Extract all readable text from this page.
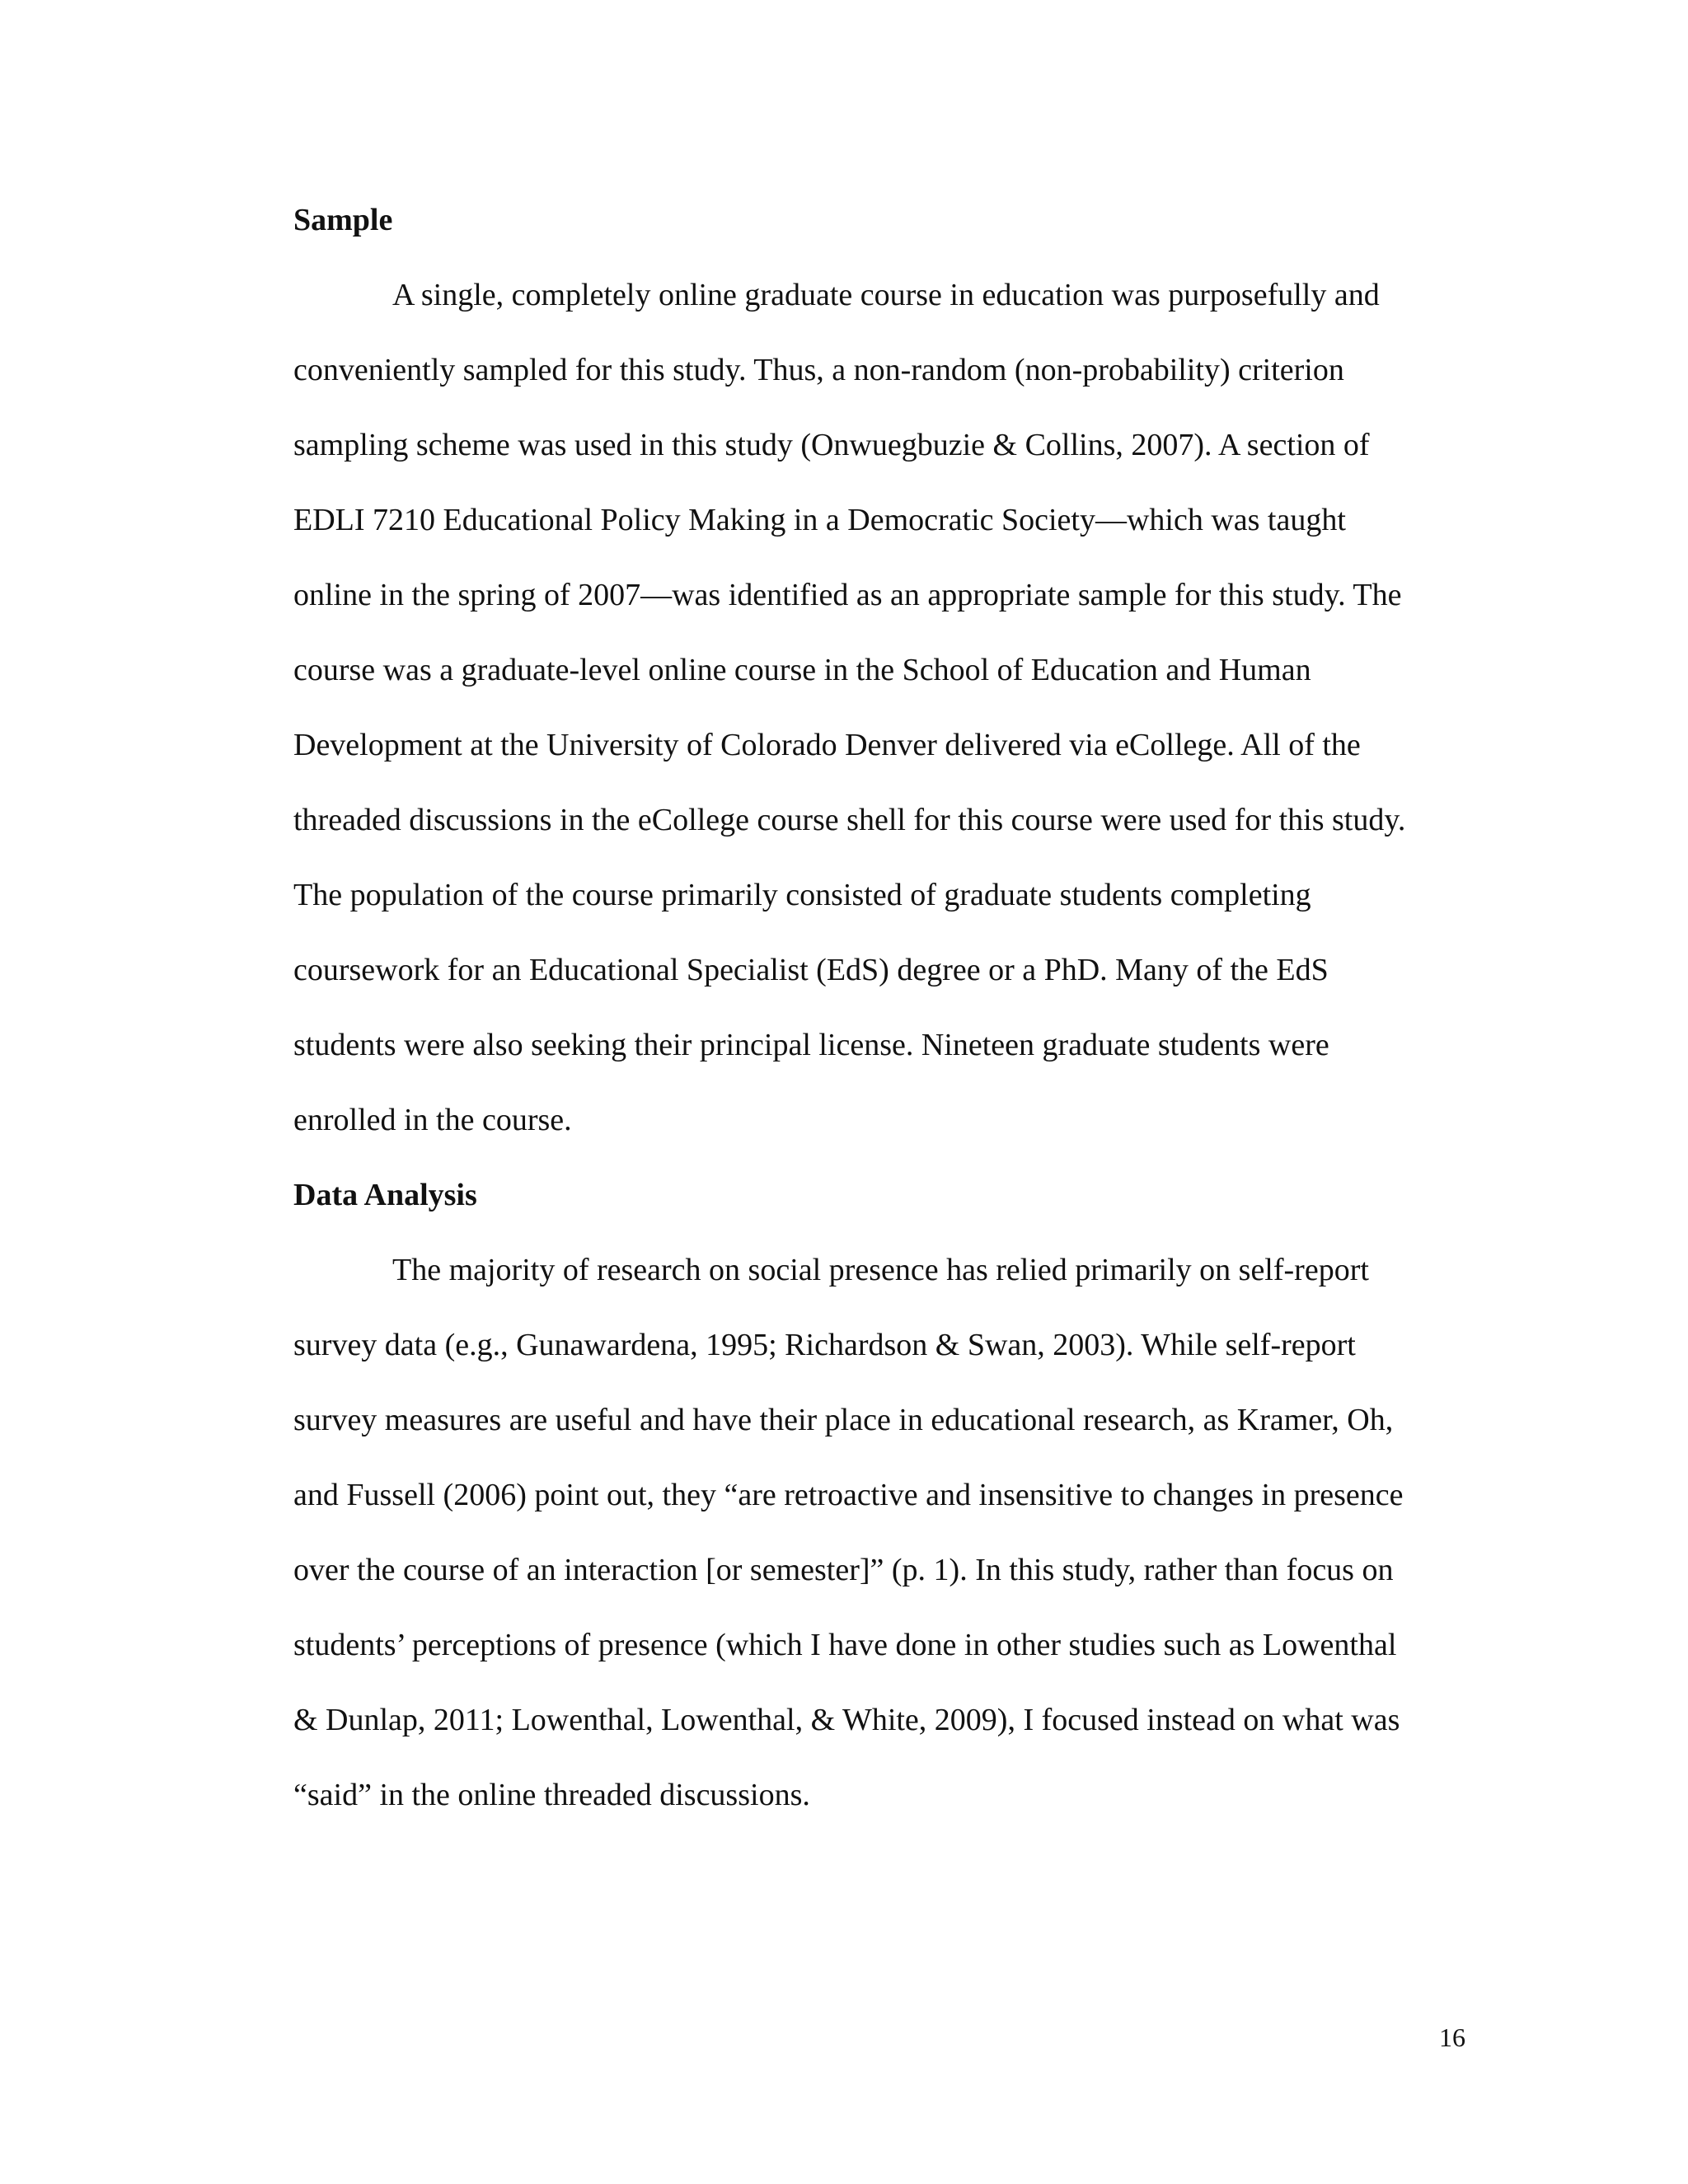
Sample
A single, completely online graduate course in education was purposefully and
conveniently sampled for this study. Thus, a non-random (non-probability) criterion
sampling scheme was used in this study (Onwuegbuzie & Collins, 2007). A section of
EDLI 7210 Educational Policy Making in a Democratic Society—which was taught
online in the spring of 2007—was identified as an appropriate sample for this study. The
course was a graduate-level online course in the School of Education and Human
Development at the University of Colorado Denver delivered via eCollege. All of the
threaded discussions in the eCollege course shell for this course were used for this study.
The population of the course primarily consisted of graduate students completing
coursework for an Educational Specialist (EdS) degree or a PhD. Many of the EdS
students were also seeking their principal license. Nineteen graduate students were
enrolled in the course.
Data Analysis
The majority of research on social presence has relied primarily on self-report
survey data (e.g., Gunawardena, 1995; Richardson & Swan, 2003). While self-report
survey measures are useful and have their place in educational research, as Kramer, Oh,
and Fussell (2006) point out, they “are retroactive and insensitive to changes in presence
over the course of an interaction [or semester]” (p. 1). In this study, rather than focus on
students’ perceptions of presence (which I have done in other studies such as Lowenthal
& Dunlap, 2011; Lowenthal, Lowenthal, & White, 2009), I focused instead on what was
“said” in the online threaded discussions.
16
